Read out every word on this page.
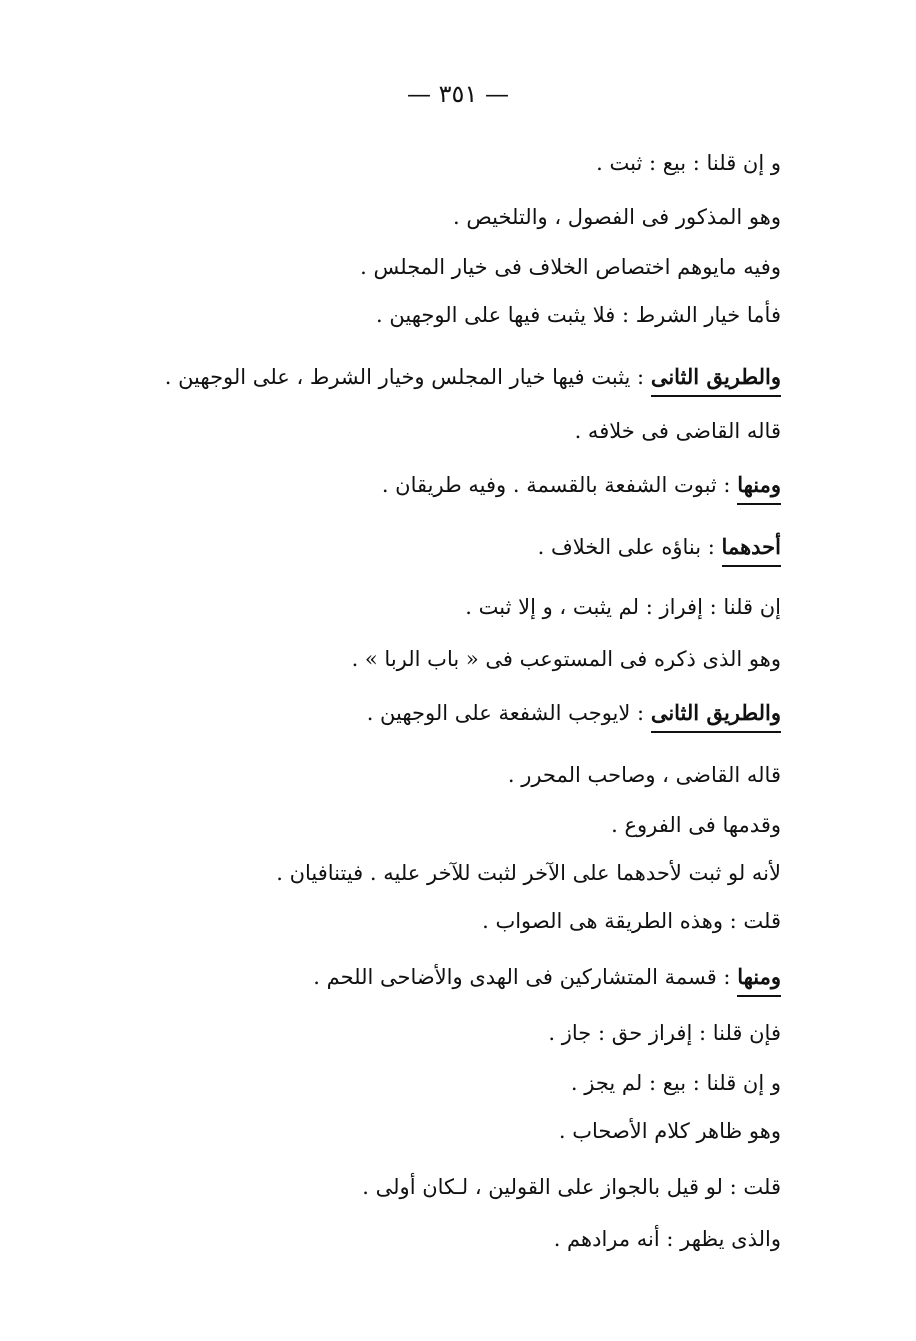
— ٣٥١ —
و إن قلنا : بيع : ثبت .
وهو المذكور فى الفصول ، والتلخيص .
وفيه مايوهم اختصاص الخلاف فى خيار المجلس .
فأما خيار الشرط : فلا يثبت فيها على الوجهين .
والطريق الثانى : يثبت فيها خيار المجلس وخيار الشرط ، على الوجهين .
قاله القاضى فى خلافه .
ومنها : ثبوت الشفعة بالقسمة . وفيه طريقان .
أحدهما : بناؤه على الخلاف .
إن قلنا : إفراز : لم يثبت ، و إلا ثبت .
وهو الذى ذكره فى المستوعب فى « باب الربا » .
والطريق الثانى : لايوجب الشفعة على الوجهين .
قاله القاضى ، وصاحب المحرر .
وقدمها فى الفروع .
لأنه لو ثبت لأحدهما على الآخر لثبت للآخر عليه . فيتنافيان .
قلت : وهذه الطريقة هى الصواب .
ومنها : قسمة المتشاركين فى الهدى والأضاحى اللحم .
فإن قلنا : إفراز حق : جاز .
و إن قلنا : بيع : لم يجز .
وهو ظاهر كلام الأصحاب .
قلت : لو قيل بالجواز على القولين ، لـكان أولى .
والذى يظهر : أنه مرادهم .
